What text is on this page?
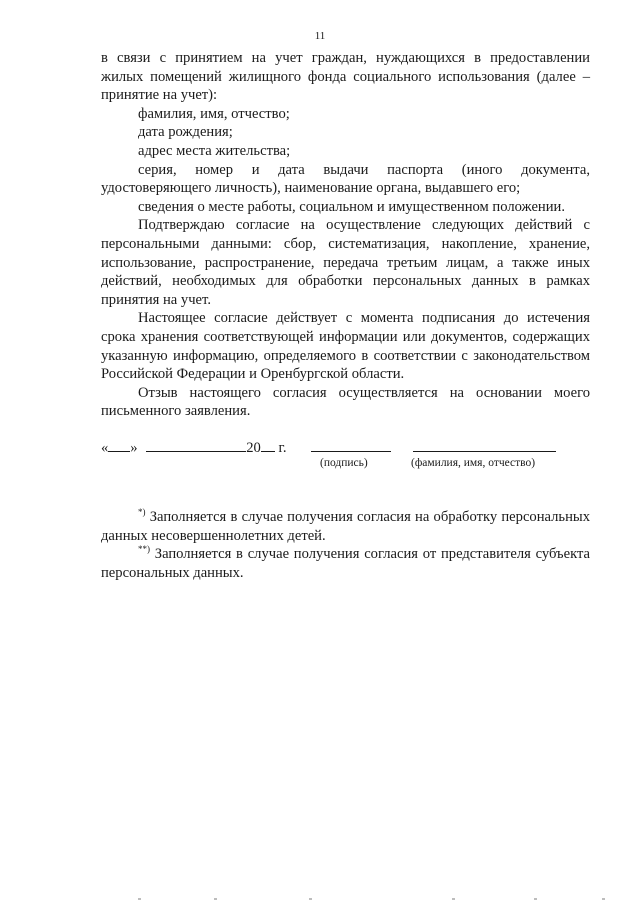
11

в связи с принятием на учет граждан, нуждающихся в предоставлении
жилых помещений жилищного фонда социального использования (далее –
принятие на учет):

фамилия, имя, отчество;

дата рождения;

адрес места жительства;

серия, номер и дата выдачи паспорта (иного документа,
удостоверяющего личность), наименование органа, выдавшего его;

сведения о месте работы, социальном и имущественном положении.

Подтверждаю согласие на осуществление следующих действий с
персональными данными: сбор, систематизация, накопление, хранение,
использование, распространение, передача третьим лицам, а также иных
действий, необходимых для обработки персональных данных в рамках
принятия на учет.

Настоящее согласие действует с момента подписания до истечения
срока хранения соответствующей информации или документов, содержащих
указанную информацию, определяемого в соответствии с законодательством
Российской Федерации и Оренбургской области.

Отзыв настоящего согласия осуществляется на основании моего
письменного заявления.

« »	20 г.
(подпись)	(фамилия, имя, отчество)

*) Заполняется в случае получения согласия на обработку персональных
данных несовершеннолетних детей.

**) Заполняется в случае получения согласия от представителя субъекта
персональных данных.
